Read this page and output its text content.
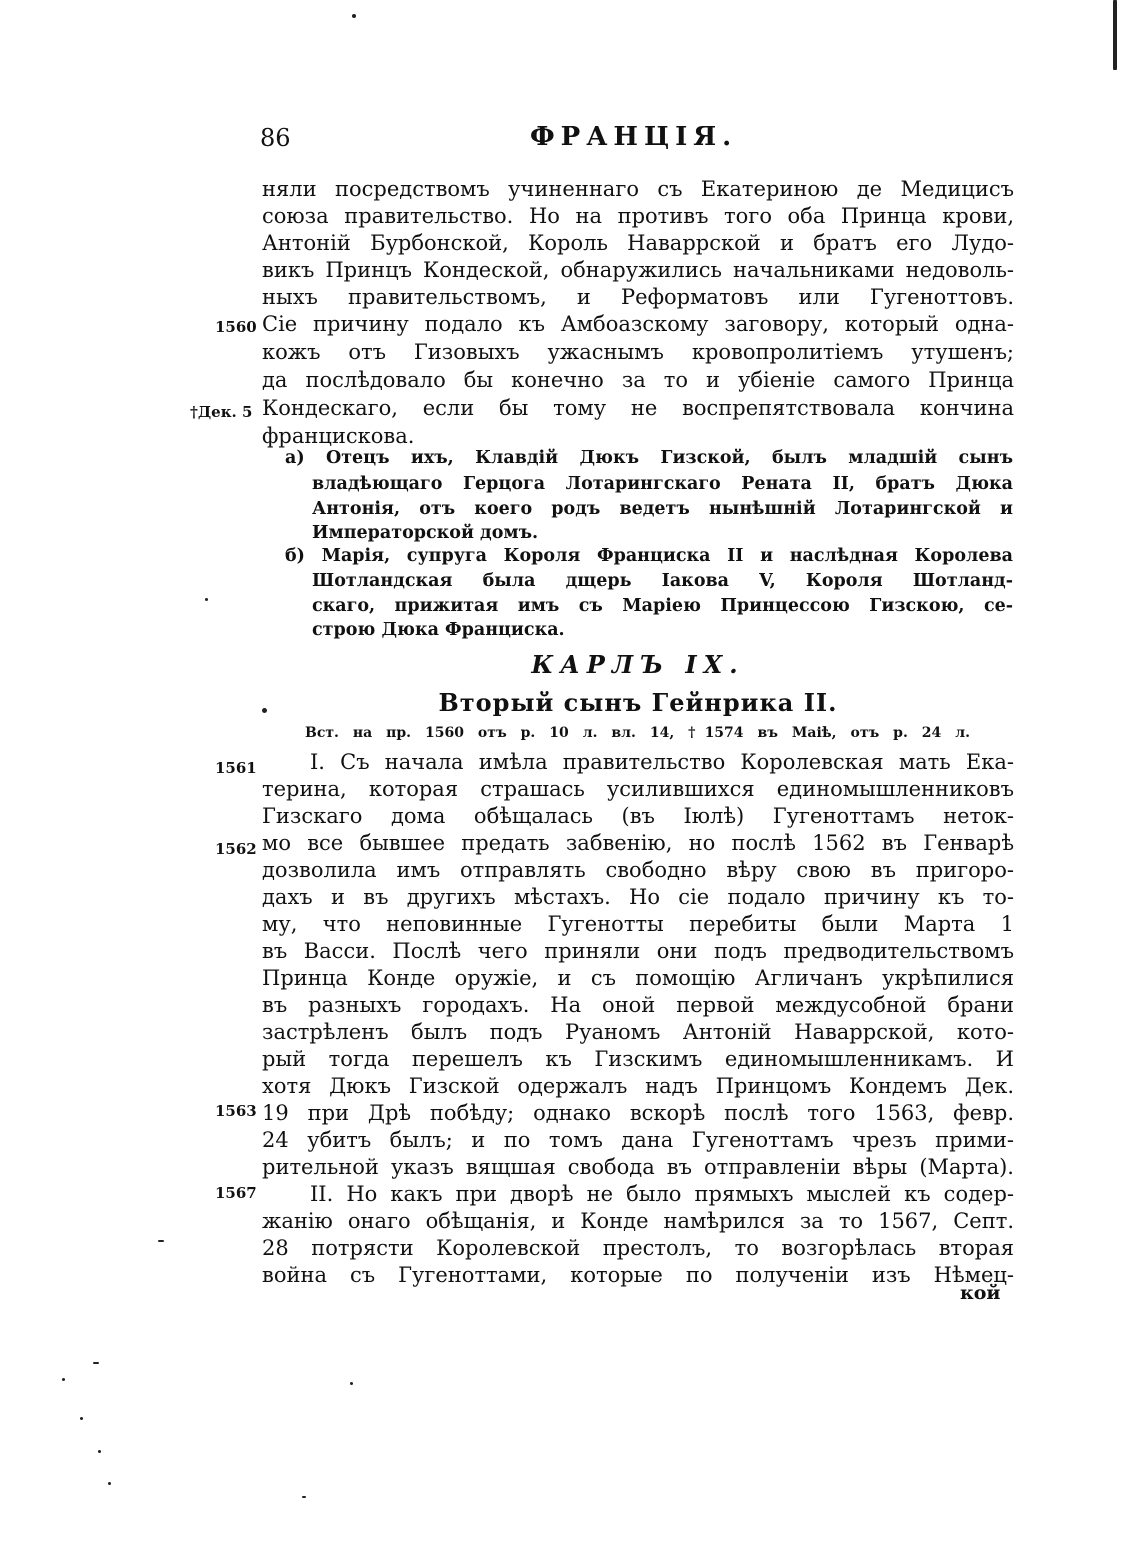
86	ФРАНЦІЯ.
няли посредствомъ учиненнаго съ Екатериною де Медицисъ
союза правительство. Но на противъ того оба Принца крови,
Антоній Бурбонской, Король Наваррской и братъ его Лудо-
викъ Принцъ Кондеской, обнаружились начальниками недоволь-
ныхъ правительствомъ, и Реформатовъ или Гугеноттовъ.
Сіе причину подало къ Амбоазскому заговору, который одна-
кожъ отъ Гизовыхъ ужаснымъ кровопролитіемъ утушенъ;
да послѣдовало бы конечно за то и убіеніе самого Принца
Кондескаго, если бы тому не воспрепятствовала кончина
францискова.
а) Отецъ ихъ, Клавдій Дюкъ Гизской, былъ младшій сынъ
владѣющаго Герцога Лотарингскаго Рената II, братъ Дюка
Антонія, отъ коего родъ ведетъ нынѣшній Лотарингской и
Императорской домъ.
б) Марія, супруга Короля Франциска II и наслѣдная Королева
Шотландская была дщерь Іакова V, Короля Шотланд-
скаго, прижитая имъ съ Маріею Принцессою Гизскою, се-
строю Дюка Франциска.
КАРЛЪ IX.
Вторый сынъ Гейнрика II.
Вст. на пр. 1560 отъ р. 10 л. вл. 14, †1574 въ Маiѣ, отъ р. 24 л.
I. Съ начала имѣла правительство Королевская мать Ека-
терина, которая страшась усилившихся единомышленниковъ
Гизскаго дома обѣщалась (въ Іюлѣ) Гугеноттамъ неток-
мо все бывшее предать забвенію, но послѣ 1562 въ Генварѣ
дозволила имъ отправлять свободно вѣру свою въ пригоро-
дахъ и въ другихъ мѣстахъ. Но сіе подало причину къ то-
му, что неповинные Гугенотты перебиты были Марта 1
въ Васси. Послѣ чего приняли они подъ предводительствомъ
Принца Конде оружіе, и съ помощію Агличанъ укрѣпилися
въ разныхъ городахъ. На оной первой междусобной брани
застрѣленъ былъ подъ Руаномъ Антоній Наваррской, кото-
рый тогда перешелъ къ Гизскимъ единомышленникамъ. И
хотя Дюкъ Гизской одержалъ надъ Принцомъ Кондемъ Дек.
19 при Дрѣ побѣду; однако вскорѣ послѣ того 1563, февр.
24 убитъ былъ; и по томъ дана Гугеноттамъ чрезъ прими-
рительной указъ вящшая свобода въ отправленіи вѣры (Марта).
II. Но какъ при дворѣ не было прямыхъ мыслей къ содер-
жанію онаго обѣщанія, и Конде намѣрился за то 1567, Септ.
28 потрясти Королевской престолъ, то возгорѣлась вторая
война съ Гугеноттами, которые по полученіи изъ Нѣмец-
кой
1560
†Дек. 5
1561
1562
1563
1567
